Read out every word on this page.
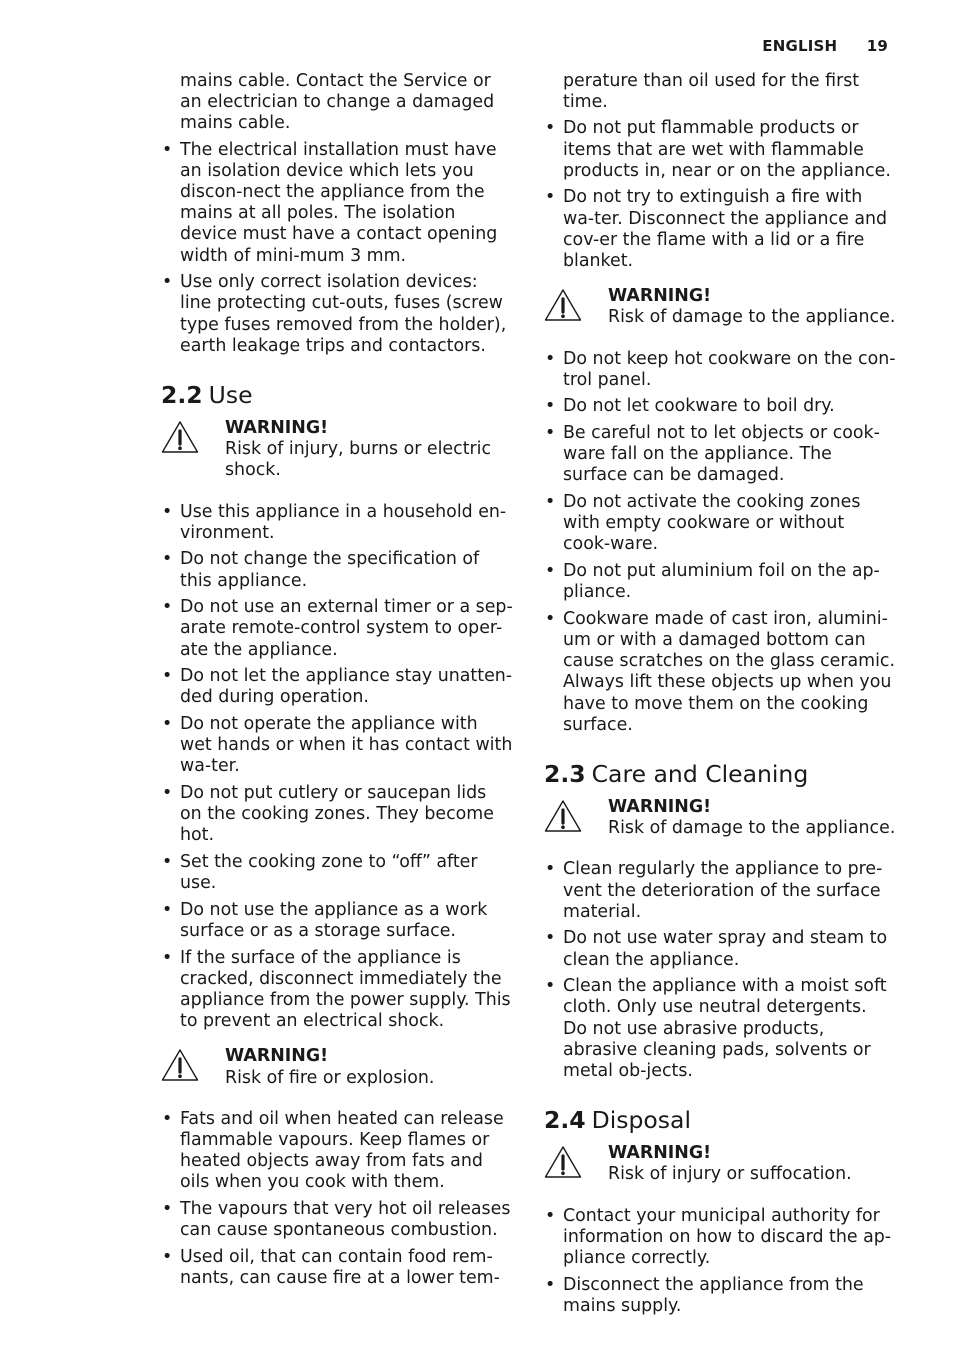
ENGLISH 19
mains cable. Contact the Service or an electrician to change a damaged mains cable.
• The electrical installation must have an isolation device which lets you discon-nect the appliance from the mains at all poles. The isolation device must have a contact opening width of mini-mum 3 mm.
• Use only correct isolation devices: line protecting cut-outs, fuses (screw type fuses removed from the holder), earth leakage trips and contactors.
2.2 Use
WARNING!
Risk of injury, burns or electric shock.
• Use this appliance in a household en-vironment.
• Do not change the specification of this appliance.
• Do not use an external timer or a sep-arate remote-control system to oper-ate the appliance.
• Do not let the appliance stay unatten-ded during operation.
• Do not operate the appliance with wet hands or when it has contact with wa-ter.
• Do not put cutlery or saucepan lids on the cooking zones. They become hot.
• Set the cooking zone to “off” after use.
• Do not use the appliance as a work surface or as a storage surface.
• If the surface of the appliance is cracked, disconnect immediately the appliance from the power supply. This to prevent an electrical shock.
WARNING!
Risk of fire or explosion.
• Fats and oil when heated can release flammable vapours. Keep flames or heated objects away from fats and oils when you cook with them.
• The vapours that very hot oil releases can cause spontaneous combustion.
• Used oil, that can contain food rem-nants, can cause fire at a lower tem-
perature than oil used for the first time.
• Do not put flammable products or items that are wet with flammable products in, near or on the appliance.
• Do not try to extinguish a fire with wa-ter. Disconnect the appliance and cov-er the flame with a lid or a fire blanket.
WARNING!
Risk of damage to the appliance.
• Do not keep hot cookware on the con-trol panel.
• Do not let cookware to boil dry.
• Be careful not to let objects or cook-ware fall on the appliance. The surface can be damaged.
• Do not activate the cooking zones with empty cookware or without cook-ware.
• Do not put aluminium foil on the ap-pliance.
• Cookware made of cast iron, alumini-um or with a damaged bottom can cause scratches on the glass ceramic. Always lift these objects up when you have to move them on the cooking surface.
2.3 Care and Cleaning
WARNING!
Risk of damage to the appliance.
• Clean regularly the appliance to pre-vent the deterioration of the surface material.
• Do not use water spray and steam to clean the appliance.
• Clean the appliance with a moist soft cloth. Only use neutral detergents. Do not use abrasive products, abrasive cleaning pads, solvents or metal ob-jects.
2.4 Disposal
WARNING!
Risk of injury or suffocation.
• Contact your municipal authority for information on how to discard the ap-pliance correctly.
• Disconnect the appliance from the mains supply.
